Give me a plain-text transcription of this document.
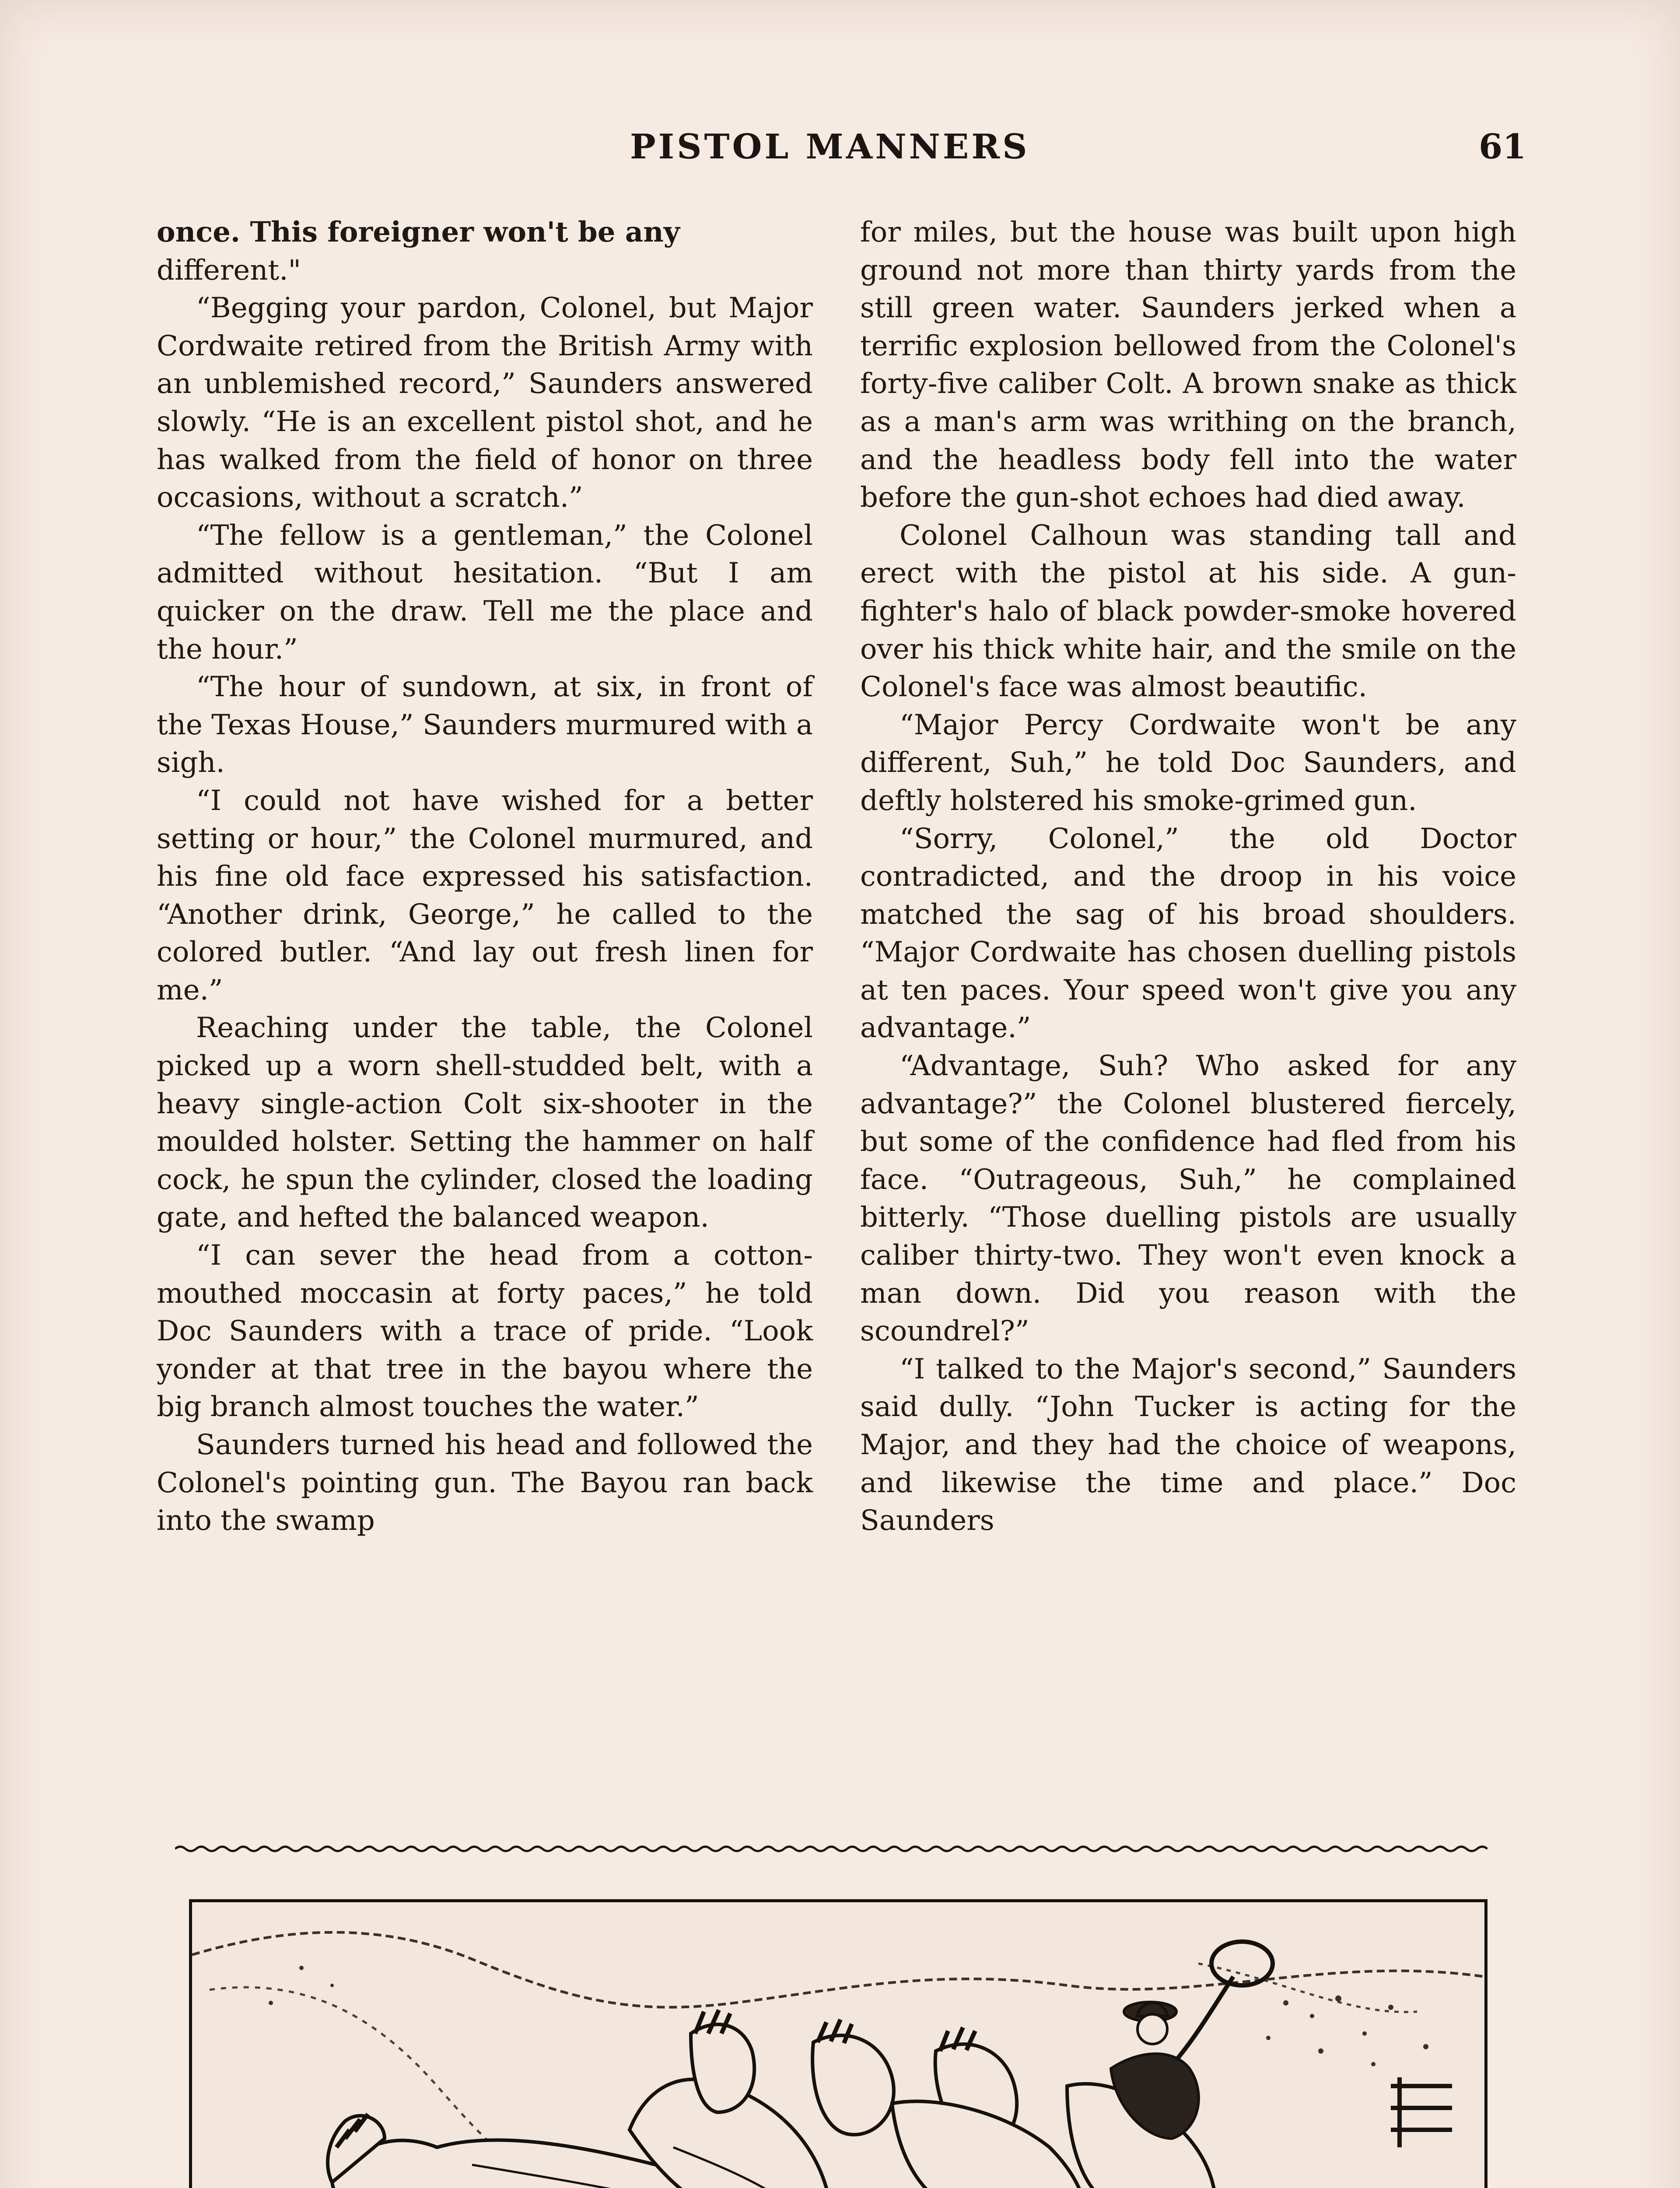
PISTOL MANNERS	61

once. This foreigner won't be any
different."

“Begging your pardon, Colonel, but Major Cordwaite retired from the British Army with an unblemished record,” Saunders answered slowly. “He is an excellent pistol shot, and he has walked from the field of honor on three occasions, without a scratch.”

“The fellow is a gentleman,” the Colonel admitted without hesitation. “But I am quicker on the draw. Tell me the place and the hour.”

“The hour of sundown, at six, in front of the Texas House,” Saunders murmured with a sigh.

“I could not have wished for a better setting or hour,” the Colonel murmured, and his fine old face expressed his satisfaction. “Another drink, George,” he called to the colored butler. “And lay out fresh linen for me.”

Reaching under the table, the Colonel picked up a worn shell-studded belt, with a heavy single-action Colt six-shooter in the moulded holster. Setting the hammer on half cock, he spun the cylinder, closed the loading gate, and hefted the balanced weapon.

“I can sever the head from a cotton-mouthed moccasin at forty paces,” he told Doc Saunders with a trace of pride. “Look yonder at that tree in the bayou where the big branch almost touches the water.”

Saunders turned his head and followed the Colonel's pointing gun. The Bayou ran back into the swamp

for miles, but the house was built upon high ground not more than thirty yards from the still green water. Saunders jerked when a terrific explosion bellowed from the Colonel's forty-five caliber Colt. A brown snake as thick as a man's arm was writhing on the branch, and the headless body fell into the water before the gun-shot echoes had died away.

Colonel Calhoun was standing tall and erect with the pistol at his side. A gun-fighter's halo of black powder-smoke hovered over his thick white hair, and the smile on the Colonel's face was almost beautific.

“Major Percy Cordwaite won't be any different, Suh,” he told Doc Saunders, and deftly holstered his smoke-grimed gun.

“Sorry, Colonel,” the old Doctor contradicted, and the droop in his voice matched the sag of his broad shoulders. “Major Cordwaite has chosen duelling pistols at ten paces. Your speed won't give you any advantage.”

“Advantage, Suh? Who asked for any advantage?” the Colonel blustered fiercely, but some of the confidence had fled from his face. “Outrageous, Suh,” he complained bitterly. “Those duelling pistols are usually caliber thirty-two. They won't even knock a man down. Did you reason with the scoundrel?”

“I talked to the Major's second,” Saunders said dully. “John Tucker is acting for the Major, and they had the choice of weapons, and likewise the time and place.” Doc Saunders
